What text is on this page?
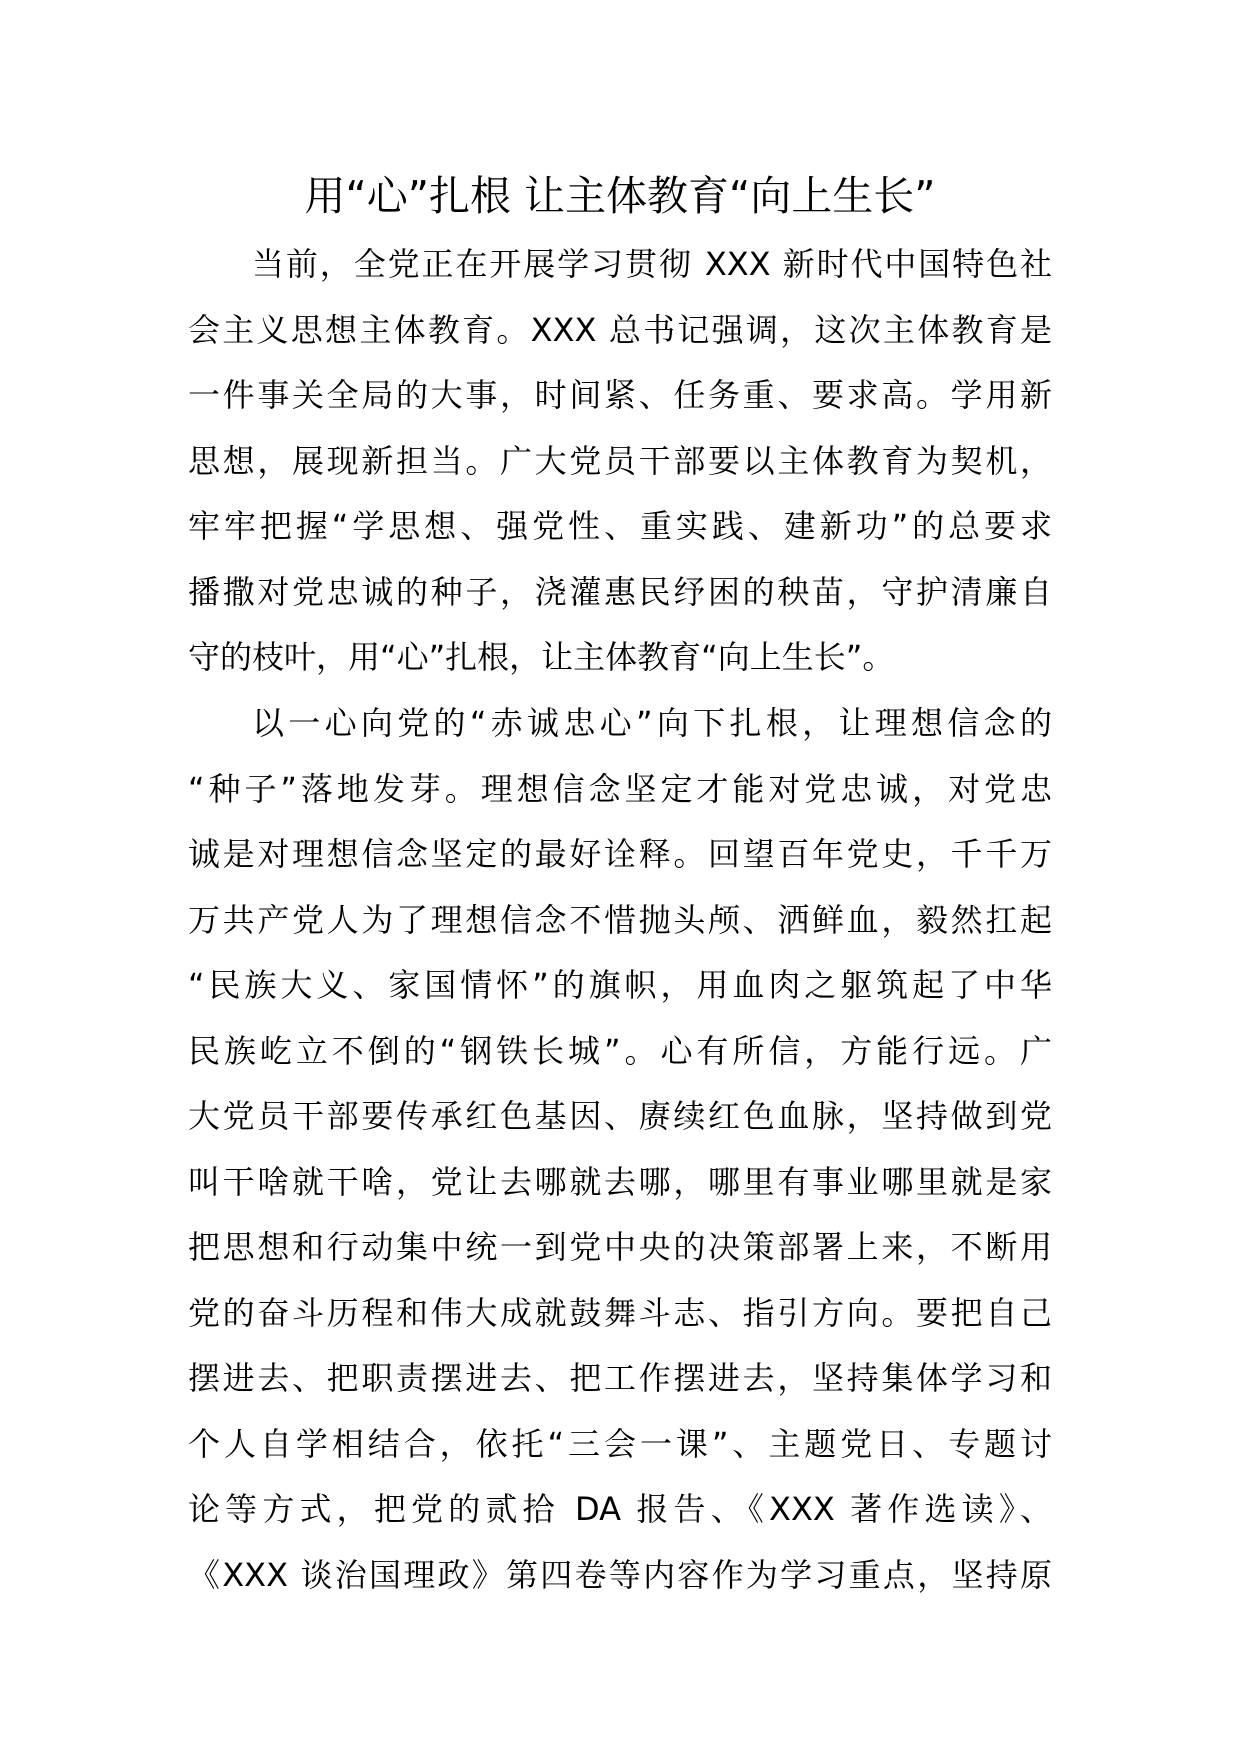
用“心”扎根 让主体教育“向上生长”
当前，全党正在开展学习贯彻 XXX 新时代中国特色社
会主义思想主体教育。XXX 总书记强调，这次主体教育是
一件事关全局的大事，时间紧、任务重、要求高。学用新
思想，展现新担当。广大党员干部要以主体教育为契机，
牢牢把握“学思想、强党性、重实践、建新功”的总要求
播撒对党忠诚的种子，浇灌惠民纾困的秧苗，守护清廉自
守的枝叶，用“心”扎根，让主体教育“向上生长”。
以一心向党的“赤诚忠心”向下扎根，让理想信念的
“种子”落地发芽。理想信念坚定才能对党忠诚，对党忠
诚是对理想信念坚定的最好诠释。回望百年党史，千千万
万共产党人为了理想信念不惜抛头颅、洒鲜血，毅然扛起
“民族大义、家国情怀”的旗帜，用血肉之躯筑起了中华
民族屹立不倒的“钢铁长城”。心有所信，方能行远。广
大党员干部要传承红色基因、赓续红色血脉，坚持做到党
叫干啥就干啥，党让去哪就去哪，哪里有事业哪里就是家
把思想和行动集中统一到党中央的决策部署上来，不断用
党的奋斗历程和伟大成就鼓舞斗志、指引方向。要把自己
摆进去、把职责摆进去、把工作摆进去，坚持集体学习和
个人自学相结合，依托“三会一课”、主题党日、专题讨
论等方式，把党的贰拾 DA 报告、《XXX 著作选读》、
《XXX 谈治国理政》第四卷等内容作为学习重点，坚持原
